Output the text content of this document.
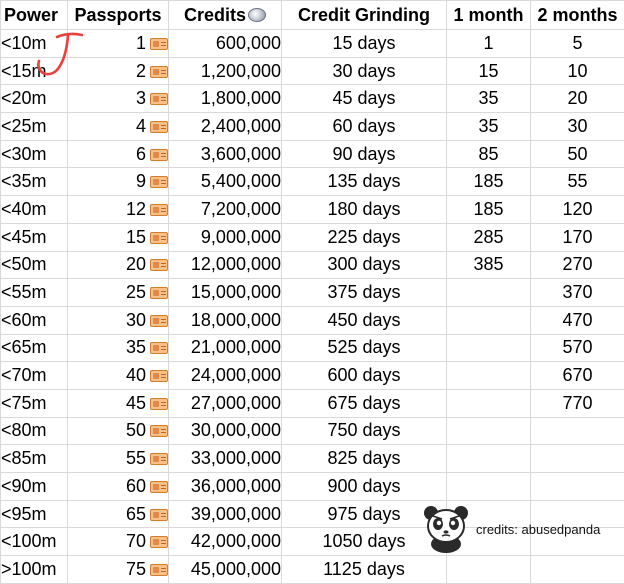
Power	Passports	Credits	Credit Grinding	1 month	2 months
<10m	1	600,000	15 days	1	5
<15m	2	1,200,000	30 days	15	10
<20m	3	1,800,000	45 days	35	20
<25m	4	2,400,000	60 days	35	30
<30m	6	3,600,000	90 days	85	50
<35m	9	5,400,000	135 days	185	55
<40m	12	7,200,000	180 days	185	120
<45m	15	9,000,000	225 days	285	170
<50m	20	12,000,000	300 days	385	270
<55m	25	15,000,000	375 days		370
<60m	30	18,000,000	450 days		470
<65m	35	21,000,000	525 days		570
<70m	40	24,000,000	600 days		670
<75m	45	27,000,000	675 days		770
<80m	50	30,000,000	750 days		
<85m	55	33,000,000	825 days		
<90m	60	36,000,000	900 days		
<95m	65	39,000,000	975 days		
<100m	70	42,000,000	1050 days		
>100m	75	45,000,000	1125 days		
credits: abusedpanda
